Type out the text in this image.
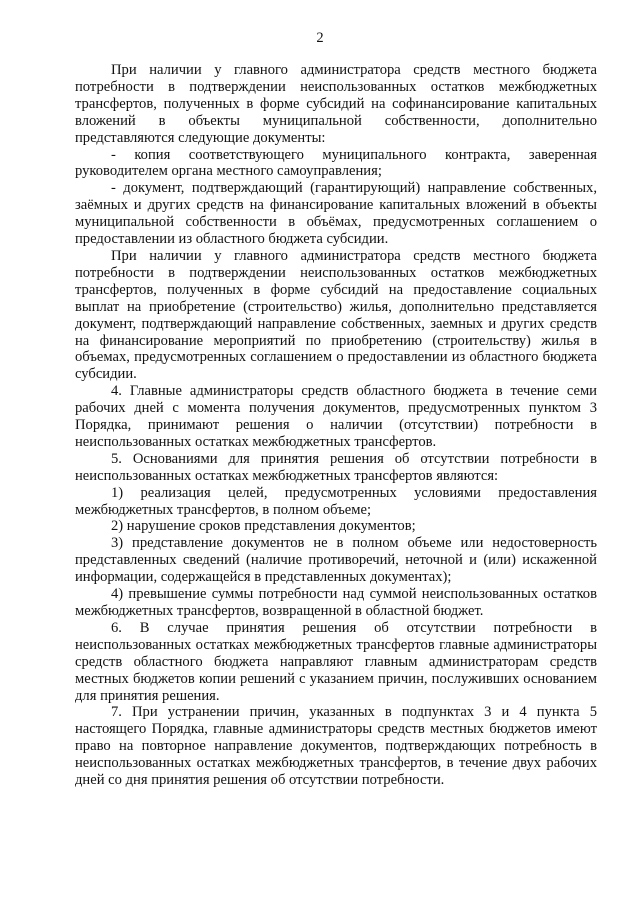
2

При наличии у главного администратора средств местного бюджета потребности в подтверждении неиспользованных остатков межбюджетных трансфертов, полученных в форме субсидий на софинансирование капитальных вложений в объекты муниципальной собственности, дополнительно представляются следующие документы:

- копия соответствующего муниципального контракта, заверенная руководителем органа местного самоуправления;

- документ, подтверждающий (гарантирующий) направление собственных, заёмных и других средств на финансирование капитальных вложений в объекты муниципальной собственности в объёмах, предусмотренных соглашением о предоставлении из областного бюджета субсидии.

При наличии у главного администратора средств местного бюджета потребности в подтверждении неиспользованных остатков межбюджетных трансфертов, полученных в форме субсидий на предоставление социальных выплат на приобретение (строительство) жилья, дополнительно представляется документ, подтверждающий направление собственных, заемных и других средств на финансирование мероприятий по приобретению (строительству) жилья в объемах, предусмотренных соглашением о предоставлении из областного бюджета субсидии.

4. Главные администраторы средств областного бюджета в течение семи рабочих дней с момента получения документов, предусмотренных пунктом 3 Порядка, принимают решения о наличии (отсутствии) потребности в неиспользованных остатках межбюджетных трансфертов.

5. Основаниями для принятия решения об отсутствии потребности в неиспользованных остатках межбюджетных трансфертов являются:

1) реализация целей, предусмотренных условиями предоставления межбюджетных трансфертов, в полном объеме;

2) нарушение сроков представления документов;

3) представление документов не в полном объеме или недостоверность представленных сведений (наличие противоречий, неточной и (или) искаженной информации, содержащейся в представленных документах);

4) превышение суммы потребности над суммой неиспользованных остатков межбюджетных трансфертов, возвращенной в областной бюджет.

6. В случае принятия решения об отсутствии потребности в неиспользованных остатках межбюджетных трансфертов главные администраторы средств областного бюджета направляют главным администраторам средств местных бюджетов копии решений с указанием причин, послуживших основанием для принятия решения.

7. При устранении причин, указанных в подпунктах 3 и 4 пункта 5 настоящего Порядка, главные администраторы средств местных бюджетов имеют право на повторное направление документов, подтверждающих потребность в неиспользованных остатках межбюджетных трансфертов, в течение двух рабочих дней со дня принятия решения об отсутствии потребности.
